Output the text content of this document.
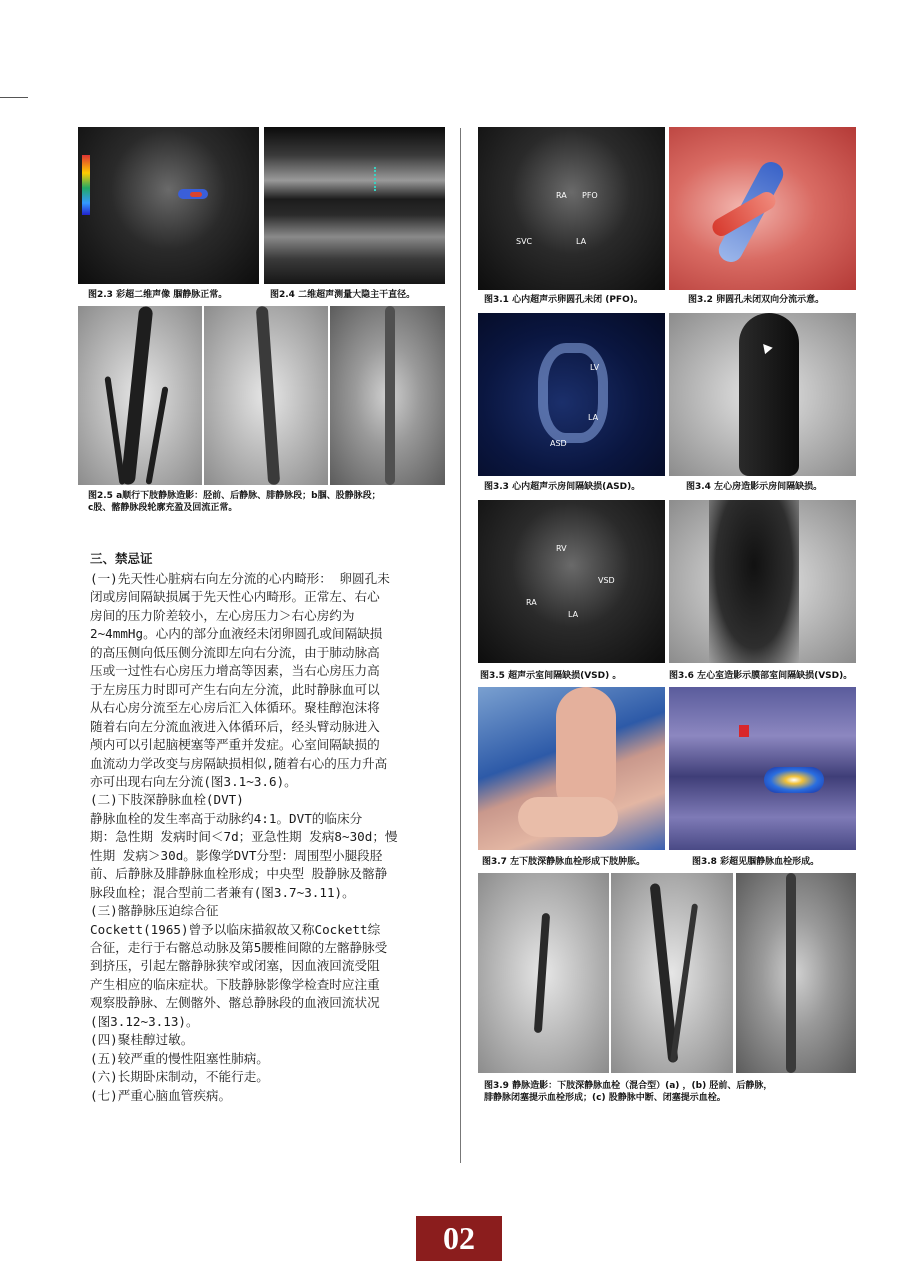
图2.3 彩超二维声像 腘静脉正常。	图2.4 二维超声测量大隐主干直径。
图2.5 a顺行下肢静脉造影：胫前、后静脉、腓静脉段；b腘、股静脉段；
c股、髂静脉段轮廓充盈及回流正常。
三、禁忌证
(一)先天性心脏病右向左分流的心内畸形： 卵圆孔未
闭或房间隔缺损属于先天性心内畸形。正常左、右心
房间的压力阶差较小，左心房压力＞右心房约为
2~4mmHg。心内的部分血液经未闭卵圆孔或间隔缺损
的高压侧向低压侧分流即左向右分流，由于肺动脉高
压或一过性右心房压力增高等因素，当右心房压力高
于左房压力时即可产生右向左分流，此时静脉血可以
从右心房分流至左心房后汇入体循环。聚桂醇泡沫将
随着右向左分流血液进入体循环后，经头臂动脉进入
颅内可以引起脑梗塞等严重并发症。心室间隔缺损的
血流动力学改变与房隔缺损相似,随着右心的压力升高
亦可出现右向左分流(图3.1~3.6)。
(二)下肢深静脉血栓(DVT)
静脉血栓的发生率高于动脉约4:1。DVT的临床分
期：急性期 发病时间＜7d；亚急性期 发病8~30d；慢
性期 发病＞30d。影像学DVT分型：周围型小腿段胫
前、后静脉及腓静脉血栓形成；中央型 股静脉及髂静
脉段血栓；混合型前二者兼有(图3.7~3.11)。
(三)髂静脉压迫综合征
Cockett(1965)曾予以临床描叙故又称Cockett综
合征，走行于右髂总动脉及第5腰椎间隙的左髂静脉受
到挤压，引起左髂静脉狭窄或闭塞，因血液回流受阻
产生相应的临床症状。下肢静脉影像学检查时应注重
观察股静脉、左侧髂外、髂总静脉段的血液回流状况
(图3.12~3.13)。
(四)聚桂醇过敏。
(五)较严重的慢性阻塞性肺病。
(六)长期卧床制动，不能行走。
(七)严重心脑血管疾病。
RA PFO
LA
SVC
图3.1 心内超声示卵圆孔未闭 (PFO)。	图3.2 卵圆孔未闭双向分流示意。
LV
LA
ASD
图3.3 心内超声示房间隔缺损(ASD)。	图3.4 左心房造影示房间隔缺损。
RV
VSD
RA
LA
图3.5 超声示室间隔缺损(VSD) 。	图3.6 左心室造影示膜部室间隔缺损(VSD)。
图3.7 左下肢深静脉血栓形成下肢肿胀。	图3.8 彩超见腘静脉血栓形成。
图3.9 静脉造影：下肢深静脉血栓（混合型）(a) ，(b) 胫前、后静脉，
腓静脉闭塞提示血栓形成；(c) 股静脉中断、闭塞提示血栓。
02
